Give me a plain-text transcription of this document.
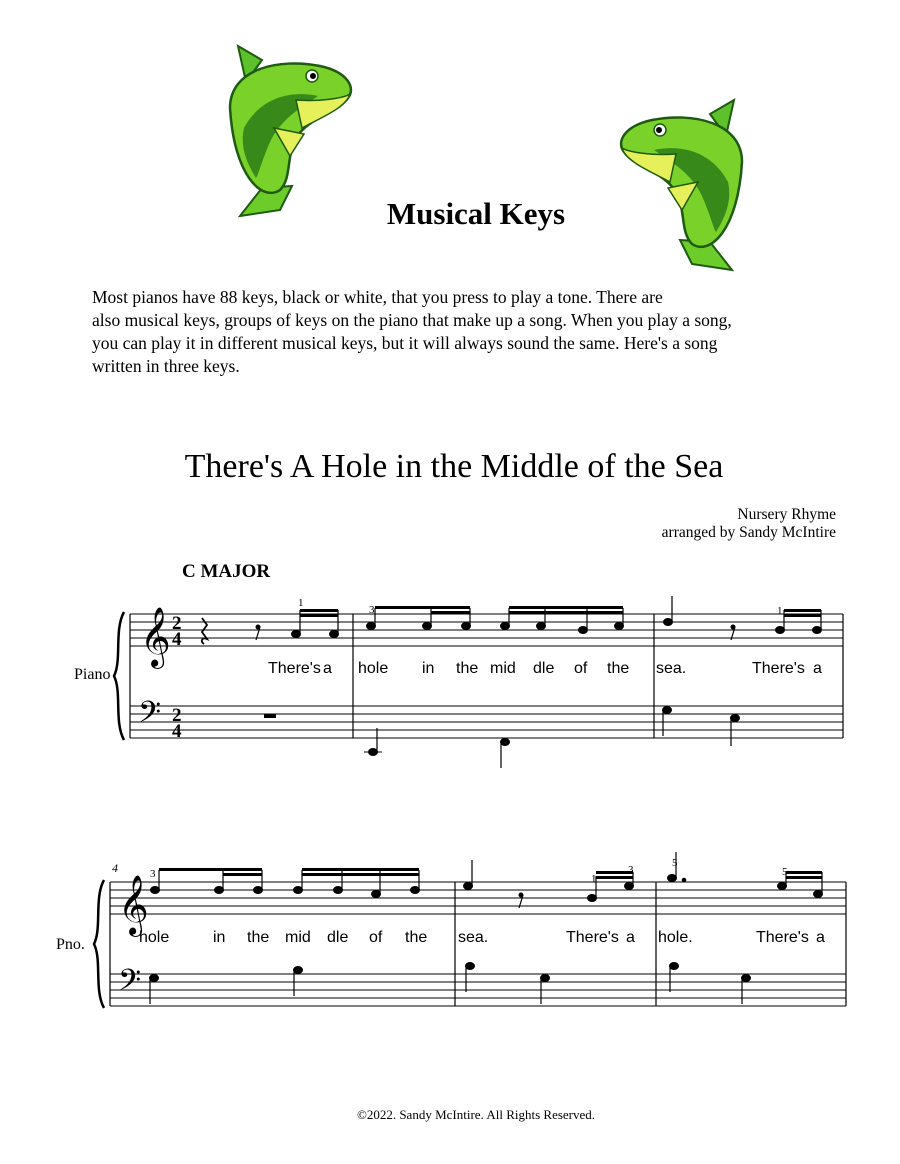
Musical Keys
Most pianos have 88 keys, black or white, that you press to play a tone. There are
also musical keys, groups of keys on the piano that make up a song. When you play a song,
you can play it in different musical keys, but it will always sound the same. Here's a song
written in three keys.
There's A Hole in the Middle of the Sea
Nursery Rhyme
arranged by Sandy McIntire
C MAJOR
Piano
𝄞
𝄢
2
4
2
4
1
3	1
There's a hole in the mid dle of the sea.	There's a
Pno.
4
𝄞
𝄢
3	1
3
5
5
hole	in the mid dle of the sea.	There's a hole.	There's a
©2022. Sandy McIntire. All Rights Reserved.
